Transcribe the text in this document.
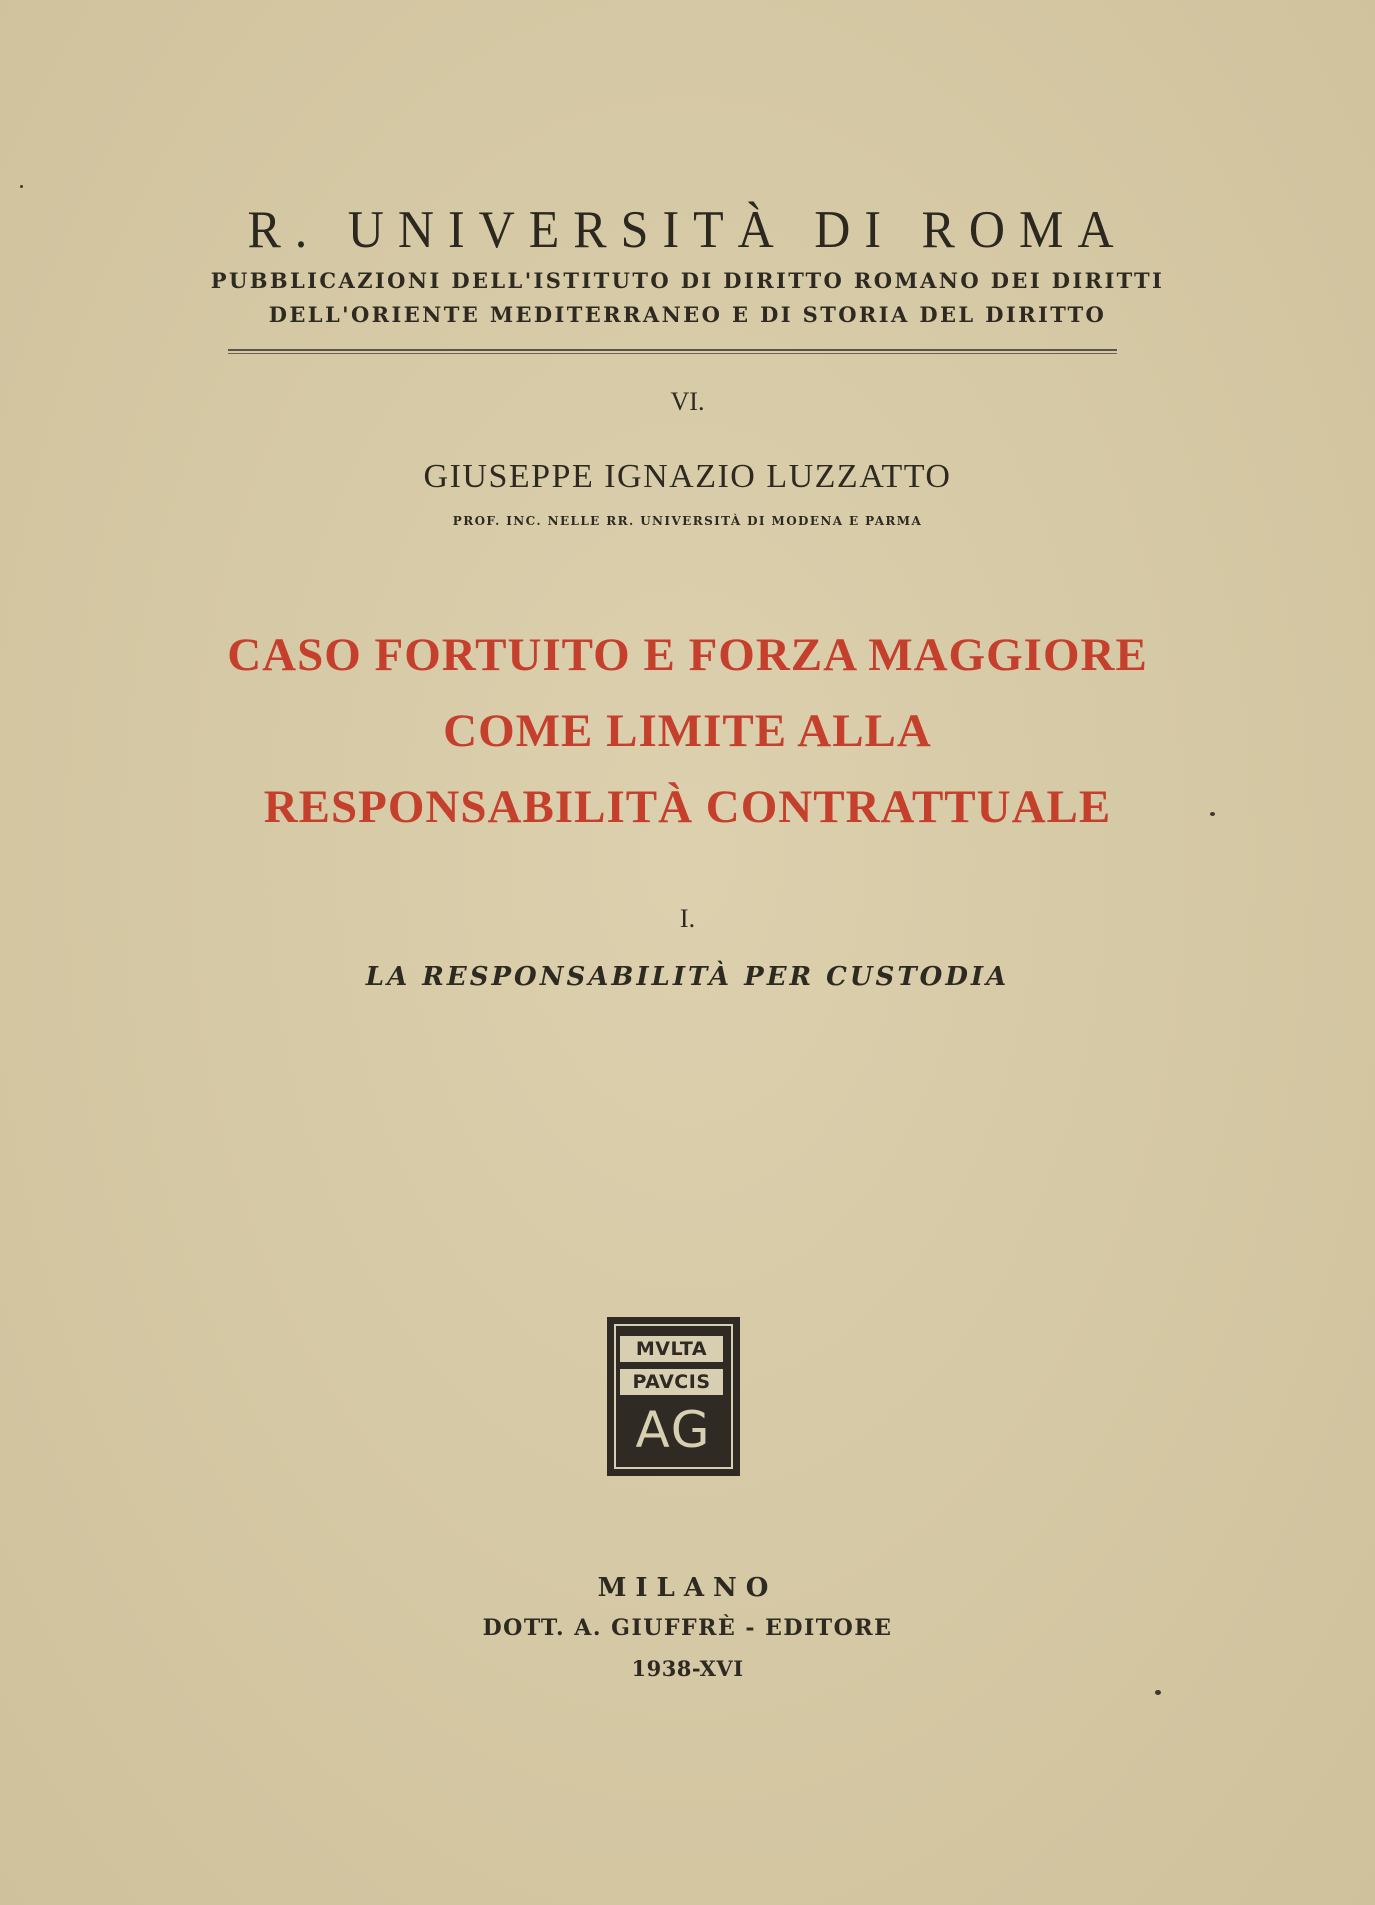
R. UNIVERSITÀ DI ROMA
PUBBLICAZIONI DELL'ISTITUTO DI DIRITTO ROMANO DEI DIRITTI
DELL'ORIENTE MEDITERRANEO E DI STORIA DEL DIRITTO
VI.
GIUSEPPE IGNAZIO LUZZATTO
PROF. INC. NELLE RR. UNIVERSITÀ DI MODENA E PARMA
CASO FORTUITO E FORZA MAGGIORE
COME LIMITE ALLA
RESPONSABILITÀ CONTRATTUALE
I.
LA RESPONSABILITÀ PER CUSTODIA
MVLTA
PAVCIS
AG
MILANO
DOTT. A. GIUFFRÈ - EDITORE
1938-XVI
